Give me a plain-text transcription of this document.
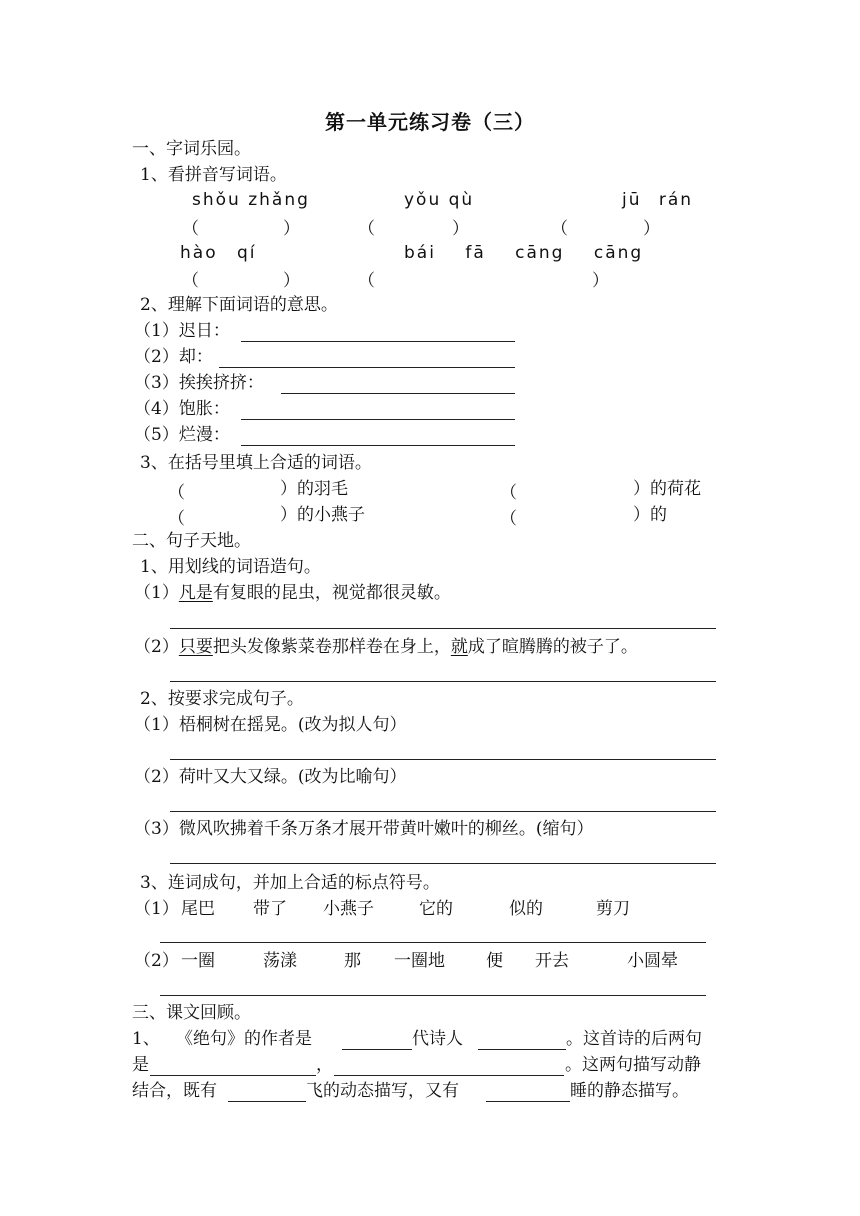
第一单元练习卷（三）
一、字词乐园。
1、看拼音写词语。
shǒu zhǎng	yǒu qù	jū rán
（	）	（	）	（	）
hào qí	bái fā cāng cāng
（	）	（	）
2、理解下面词语的意思。
（1）迟日：
（2）却：
（3）挨挨挤挤：
（4）饱胀：
（5）烂漫：
3、在括号里填上合适的词语。
（	）的羽毛	（	）的荷花
（	）的小燕子	（	）的
二、句子天地。
1、用划线的词语造句。
（1）凡是有复眼的昆虫，视觉都很灵敏。
（2）只要把头发像紫菜卷那样卷在身上，就成了暄腾腾的被子了。
2、按要求完成句子。
（1）梧桐树在摇晃。(改为拟人句）
（2）荷叶又大又绿。(改为比喻句）
（3）微风吹拂着千条万条才展开带黄叶嫩叶的柳丝。(缩句）
3、连词成句，并加上合适的标点符号。
（1） 尾巴 带了 小燕子	它的	似的	剪刀
（2） 一圈	荡漾	那 一圈地 便 开去	小圆晕
三、课文回顾。
1、 《绝句》的作者是	代诗人	。这首诗的后两句
是	，	。这两句描写动静
结合，既有	飞的动态描写，又有	睡的静态描写。
